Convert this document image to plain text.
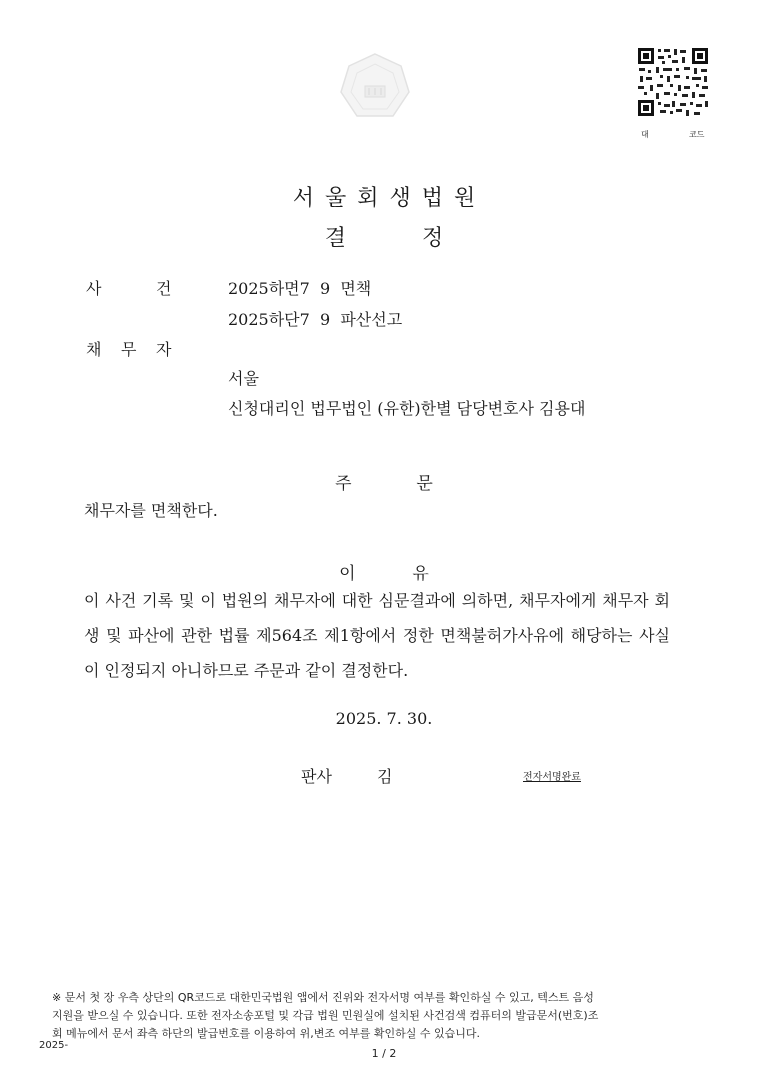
대	코드
서울회생법원
결	정
사	건	2025하면7  9  면책
2025하단7  9  파산선고
채 무 자
서울
신청대리인 법무법인 (유한)한별 담당변호사 김용대
주	문
채무자를 면책한다.
이	유
이 사건 기록 및 이 법원의 채무자에 대한 심문결과에 의하면, 채무자에게 채무자 회생 및 파산에 관한 법률 제564조 제1항에서 정한 면책불허가사유에 해당하는 사실이 인정되지 아니하므로 주문과 같이 결정한다.
2025. 7. 30.
판사	김	전자서명완료
※ 문서 첫 장 우측 상단의 QR코드로 대한민국법원 앱에서 진위와 전자서명 여부를 확인하실 수 있고, 텍스트 음성
지원을 받으실 수 있습니다. 또한 전자소송포털 및 각급 법원 민원실에 설치된 사건검색 컴퓨터의 발급문서(번호)조
회 메뉴에서 문서 좌측 하단의 발급번호를 이용하여 위,변조 여부를 확인하실 수 있습니다.
2025-
1 / 2
